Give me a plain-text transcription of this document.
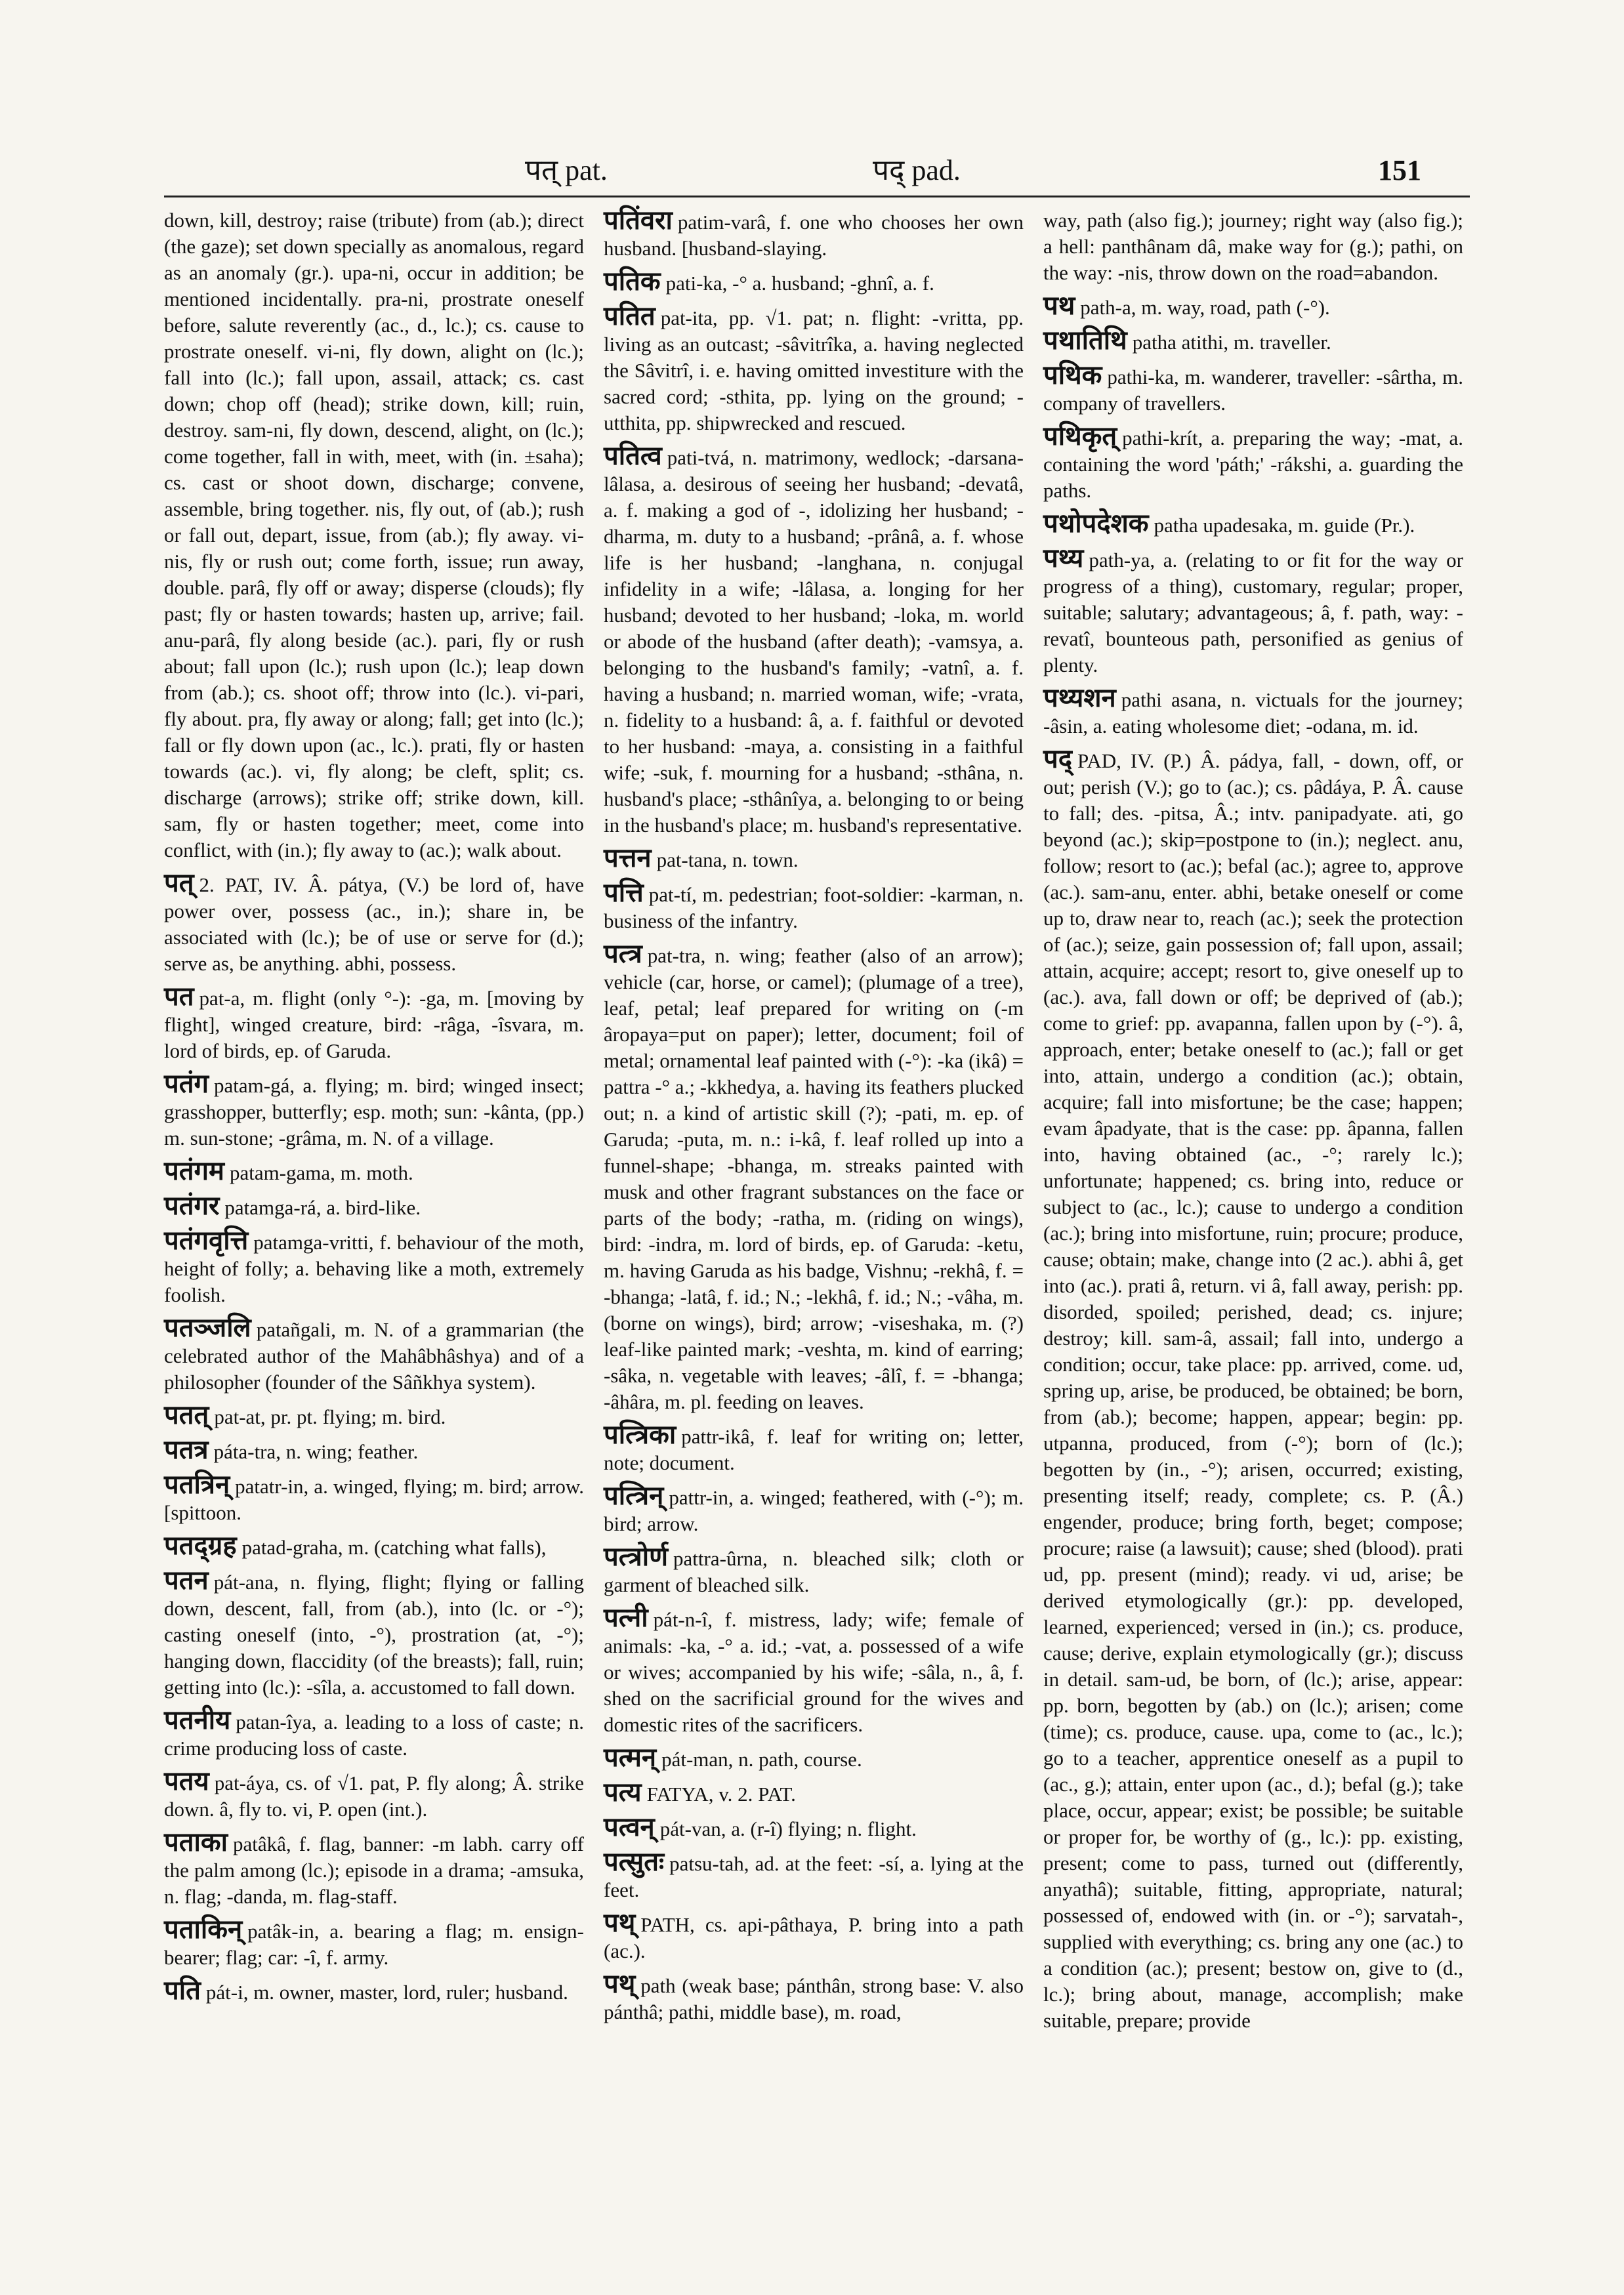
पत् pat.	पद् pad.	151

down, kill, destroy; raise (tribute) from (ab.); direct (the gaze); set down specially as anomalous, regard as an anomaly (gr.). upa-ni, occur in addition; be mentioned incidentally. pra-ni, prostrate oneself before, salute reverently (ac., d., lc.); cs. cause to prostrate oneself. vi-ni, fly down, alight on (lc.); fall into (lc.); fall upon, assail, attack; cs. cast down; chop off (head); strike down, kill; ruin, destroy. sam-ni, fly down, descend, alight, on (lc.); come together, fall in with, meet, with (in. ±saha); cs. cast or shoot down, discharge; convene, assemble, bring together. nis, fly out, of (ab.); rush or fall out, depart, issue, from (ab.); fly away. vi-nis, fly or rush out; come forth, issue; run away, double. parâ, fly off or away; disperse (clouds); fly past; fly or hasten towards; hasten up, arrive; fail. anu-parâ, fly along beside (ac.). pari, fly or rush about; fall upon (lc.); rush upon (lc.); leap down from (ab.); cs. shoot off; throw into (lc.). vi-pari, fly about. pra, fly away or along; fall; get into (lc.); fall or fly down upon (ac., lc.). prati, fly or hasten towards (ac.). vi, fly along; be cleft, split; cs. discharge (arrows); strike off; strike down, kill. sam, fly or hasten together; meet, come into conflict, with (in.); fly away to (ac.); walk about.

पत् 2. PAT, IV. Â. pátya, (V.) be lord of, have power over, possess (ac., in.); share in, be associated with (lc.); be of use or serve for (d.); serve as, be anything. abhi, possess.

पत pat-a, m. flight (only °-): -ga, m. [moving by flight], winged creature, bird: -râga, -îsvara, m. lord of birds, ep. of Garuda.

पतंग patam-gá, a. flying; m. bird; winged insect; grasshopper, butterfly; esp. moth; sun: -kânta, (pp.) m. sun-stone; -grâma, m. N. of a village.

पतंगम patam-gama, m. moth.

पतंगर patamga-rá, a. bird-like.

पतंगवृत्ति patamga-vritti, f. behaviour of the moth, height of folly; a. behaving like a moth, extremely foolish.

पतञ्जलि patañgali, m. N. of a grammarian (the celebrated author of the Mahâbhâshya) and of a philosopher (founder of the Sâñkhya system).

पतत् pat-at, pr. pt. flying; m. bird.

पतत्र páta-tra, n. wing; feather.

पतत्रिन् patatr-in, a. winged, flying; m. bird; arrow. [spittoon.

पतद्ग्रह patad-graha, m. (catching what falls),

पतन pát-ana, n. flying, flight; flying or falling down, descent, fall, from (ab.), into (lc. or -°); casting oneself (into, -°), prostration (at, -°); hanging down, flaccidity (of the breasts); fall, ruin; getting into (lc.): -sîla, a. accustomed to fall down.

पतनीय patan-îya, a. leading to a loss of caste; n. crime producing loss of caste.

पतय pat-áya, cs. of √1. pat, P. fly along; Â. strike down. â, fly to. vi, P. open (int.).

पताका patâkâ, f. flag, banner: -m labh. carry off the palm among (lc.); episode in a drama; -amsuka, n. flag; -danda, m. flag-staff.

पताकिन् patâk-in, a. bearing a flag; m. ensign-bearer; flag; car: -î, f. army.

पति pát-i, m. owner, master, lord, ruler; husband.

पतिंवरा patim-varâ, f. one who chooses her own husband. [husband-slaying.

पतिक pati-ka, -° a. husband; -ghnî, a. f.

पतित pat-ita, pp. √1. pat; n. flight: -vritta, pp. living as an outcast; -sâvitrîka, a. having neglected the Sâvitrî, i. e. having omitted investiture with the sacred cord; -sthita, pp. lying on the ground; -utthita, pp. shipwrecked and rescued.

पतित्व pati-tvá, n. matrimony, wedlock; -darsana-lâlasa, a. desirous of seeing her husband; -devatâ, a. f. making a god of -, idolizing her husband; -dharma, m. duty to a husband; -prânâ, a. f. whose life is her husband; -langhana, n. conjugal infidelity in a wife; -lâlasa, a. longing for her husband; devoted to her husband; -loka, m. world or abode of the husband (after death); -vamsya, a. belonging to the husband's family; -vatnî, a. f. having a husband; n. married woman, wife; -vrata, n. fidelity to a husband: â, a. f. faithful or devoted to her husband: -maya, a. consisting in a faithful wife; -suk, f. mourning for a husband; -sthâna, n. husband's place; -sthânîya, a. belonging to or being in the husband's place; m. husband's representative.

पत्तन pat-tana, n. town.

पत्ति pat-tí, m. pedestrian; foot-soldier: -karman, n. business of the infantry.

पत्त्र pat-tra, n. wing; feather (also of an arrow); vehicle (car, horse, or camel); (plumage of a tree), leaf, petal; leaf prepared for writing on (-m âropaya=put on paper); letter, document; foil of metal; ornamental leaf painted with (-°): -ka (ikâ) = pattra -° a.; -kkhedya, a. having its feathers plucked out; n. a kind of artistic skill (?); -pati, m. ep. of Garuda; -puta, m. n.: i-kâ, f. leaf rolled up into a funnel-shape; -bhanga, m. streaks painted with musk and other fragrant substances on the face or parts of the body; -ratha, m. (riding on wings), bird: -indra, m. lord of birds, ep. of Garuda: -ketu, m. having Garuda as his badge, Vishnu; -rekhâ, f. = -bhanga; -latâ, f. id.; N.; -lekhâ, f. id.; N.; -vâha, m. (borne on wings), bird; arrow; -viseshaka, m. (?) leaf-like painted mark; -veshta, m. kind of earring; -sâka, n. vegetable with leaves; -âlî, f. = -bhanga; -âhâra, m. pl. feeding on leaves.

पत्त्रिका pattr-ikâ, f. leaf for writing on; letter, note; document.

पत्त्रिन् pattr-in, a. winged; feathered, with (-°); m. bird; arrow.

पत्त्रोर्ण pattra-ûrna, n. bleached silk; cloth or garment of bleached silk.

पत्नी pát-n-î, f. mistress, lady; wife; female of animals: -ka, -° a. id.; -vat, a. possessed of a wife or wives; accompanied by his wife; -sâla, n., â, f. shed on the sacrificial ground for the wives and domestic rites of the sacrificers.

पत्मन् pát-man, n. path, course.

पत्य FATYA, v. 2. PAT.

पत्वन् pát-van, a. (r-î) flying; n. flight.

पत्सुतः patsu-tah, ad. at the feet: -sí, a. lying at the feet.

पथ् PATH, cs. api-pâthaya, P. bring into a path (ac.).

पथ् path (weak base; pánthân, strong base: V. also pánthâ; pathi, middle base), m. road,

way, path (also fig.); journey; right way (also fig.); a hell: panthânam dâ, make way for (g.); pathi, on the way: -nis, throw down on the road=abandon.

पथ path-a, m. way, road, path (-°).

पथातिथि patha atithi, m. traveller.

पथिक pathi-ka, m. wanderer, traveller: -sârtha, m. company of travellers.

पथिकृत् pathi-krít, a. preparing the way; -mat, a. containing the word 'páth;' -rákshi, a. guarding the paths.

पथोपदेशक patha upadesaka, m. guide (Pr.).

पथ्य path-ya, a. (relating to or fit for the way or progress of a thing), customary, regular; proper, suitable; salutary; advantageous; â, f. path, way: -revatî, bounteous path, personified as genius of plenty.

पथ्यशन pathi asana, n. victuals for the journey; -âsin, a. eating wholesome diet; -odana, m. id.

पद् PAD, IV. (P.) Â. pádya, fall, - down, off, or out; perish (V.); go to (ac.); cs. pâdáya, P. Â. cause to fall; des. -pitsa, Â.; intv. panipadyate. ati, go beyond (ac.); skip=postpone to (in.); neglect. anu, follow; resort to (ac.); befal (ac.); agree to, approve (ac.). sam-anu, enter. abhi, betake oneself or come up to, draw near to, reach (ac.); seek the protection of (ac.); seize, gain possession of; fall upon, assail; attain, acquire; accept; resort to, give oneself up to (ac.). ava, fall down or off; be deprived of (ab.); come to grief: pp. avapanna, fallen upon by (-°). â, approach, enter; betake oneself to (ac.); fall or get into, attain, undergo a condition (ac.); obtain, acquire; fall into misfortune; be the case; happen; evam âpadyate, that is the case: pp. âpanna, fallen into, having obtained (ac., -°; rarely lc.); unfortunate; happened; cs. bring into, reduce or subject to (ac., lc.); cause to undergo a condition (ac.); bring into misfortune, ruin; procure; produce, cause; obtain; make, change into (2 ac.). abhi â, get into (ac.). prati â, return. vi â, fall away, perish: pp. disorded, spoiled; perished, dead; cs. injure; destroy; kill. sam-â, assail; fall into, undergo a condition; occur, take place: pp. arrived, come. ud, spring up, arise, be produced, be obtained; be born, from (ab.); become; happen, appear; begin: pp. utpanna, produced, from (-°); born of (lc.); begotten by (in., -°); arisen, occurred; existing, presenting itself; ready, complete; cs. P. (Â.) engender, produce; bring forth, beget; compose; procure; raise (a lawsuit); cause; shed (blood). prati ud, pp. present (mind); ready. vi ud, arise; be derived etymologically (gr.): pp. developed, learned, experienced; versed in (in.); cs. produce, cause; derive, explain etymologically (gr.); discuss in detail. sam-ud, be born, of (lc.); arise, appear: pp. born, begotten by (ab.) on (lc.); arisen; come (time); cs. produce, cause. upa, come to (ac., lc.); go to a teacher, apprentice oneself as a pupil to (ac., g.); attain, enter upon (ac., d.); befal (g.); take place, occur, appear; exist; be possible; be suitable or proper for, be worthy of (g., lc.): pp. existing, present; come to pass, turned out (differently, anyathâ); suitable, fitting, appropriate, natural; possessed of, endowed with (in. or -°); sarvatah-, supplied with everything; cs. bring any one (ac.) to a condition (ac.); present; bestow on, give to (d., lc.); bring about, manage, accomplish; make suitable, prepare; provide
